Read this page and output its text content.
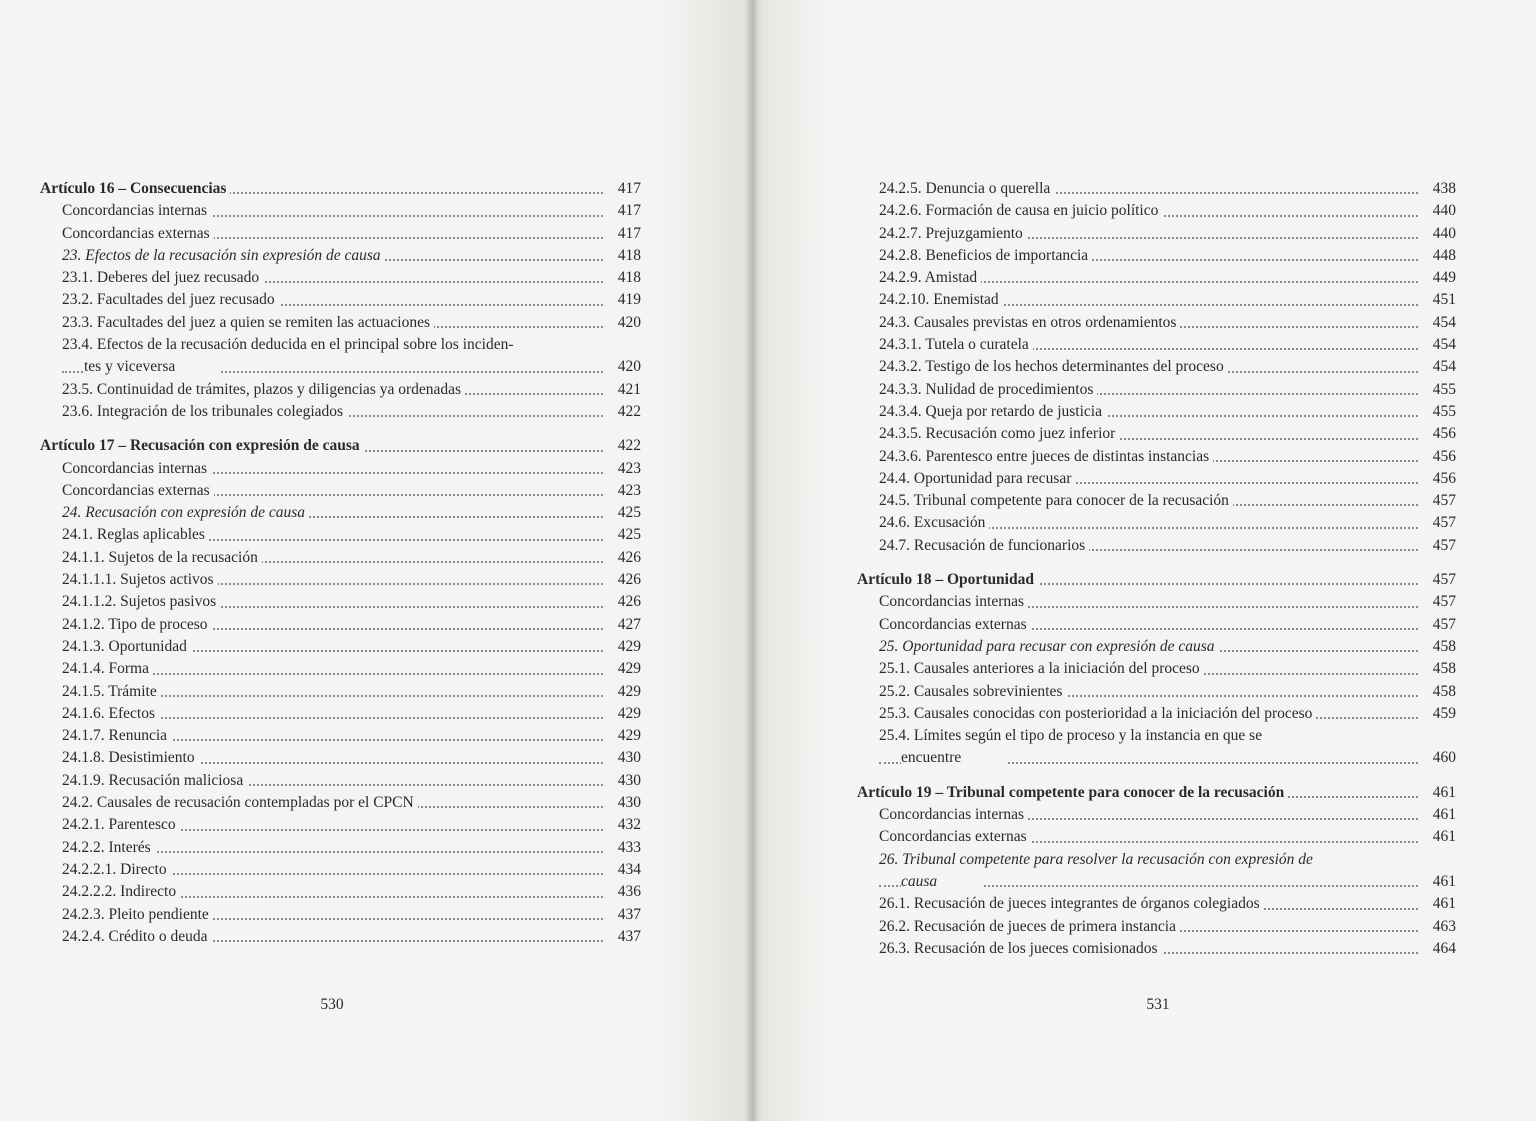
Artículo 16 – Consecuencias	417
Concordancias internas	417
Concordancias externas	417
23. Efectos de la recusación sin expresión de causa	418
23.1. Deberes del juez recusado	418
23.2. Facultades del juez recusado	419
23.3. Facultades del juez a quien se remiten las actuaciones	420
23.4. Efectos de la recusación deducida en el principal sobre los inciden-
tes y viceversa	420
23.5. Continuidad de trámites, plazos y diligencias ya ordenadas	421
23.6. Integración de los tribunales colegiados	422
Artículo 17 – Recusación con expresión de causa	422
Concordancias internas	423
Concordancias externas	423
24. Recusación con expresión de causa	425
24.1. Reglas aplicables	425
24.1.1. Sujetos de la recusación	426
24.1.1.1. Sujetos activos	426
24.1.1.2. Sujetos pasivos	426
24.1.2. Tipo de proceso	427
24.1.3. Oportunidad	429
24.1.4. Forma	429
24.1.5. Trámite	429
24.1.6. Efectos	429
24.1.7. Renuncia	429
24.1.8. Desistimiento	430
24.1.9. Recusación maliciosa	430
24.2. Causales de recusación contempladas por el CPCN	430
24.2.1. Parentesco	432
24.2.2. Interés	433
24.2.2.1. Directo	434
24.2.2.2. Indirecto	436
24.2.3. Pleito pendiente	437
24.2.4. Crédito o deuda	437
530	531
24.2.5. Denuncia o querella	438
24.2.6. Formación de causa en juicio político	440
24.2.7. Prejuzgamiento	440
24.2.8. Beneficios de importancia	448
24.2.9. Amistad	449
24.2.10. Enemistad	451
24.3. Causales previstas en otros ordenamientos	454
24.3.1. Tutela o curatela	454
24.3.2. Testigo de los hechos determinantes del proceso	454
24.3.3. Nulidad de procedimientos	455
24.3.4. Queja por retardo de justicia	455
24.3.5. Recusación como juez inferior	456
24.3.6. Parentesco entre jueces de distintas instancias	456
24.4. Oportunidad para recusar	456
24.5. Tribunal competente para conocer de la recusación	457
24.6. Excusación	457
24.7. Recusación de funcionarios	457
Artículo 18 – Oportunidad	457
Concordancias internas	457
Concordancias externas	457
25. Oportunidad para recusar con expresión de causa	458
25.1. Causales anteriores a la iniciación del proceso	458
25.2. Causales sobrevinientes	458
25.3. Causales conocidas con posterioridad a la iniciación del proceso	459
25.4. Límites según el tipo de proceso y la instancia en que se
encuentre	460
Artículo 19 – Tribunal competente para conocer de la recusación	461
Concordancias internas	461
Concordancias externas	461
26. Tribunal competente para resolver la recusación con expresión de
causa	461
26.1. Recusación de jueces integrantes de órganos colegiados	461
26.2. Recusación de jueces de primera instancia	463
26.3. Recusación de los jueces comisionados	464
